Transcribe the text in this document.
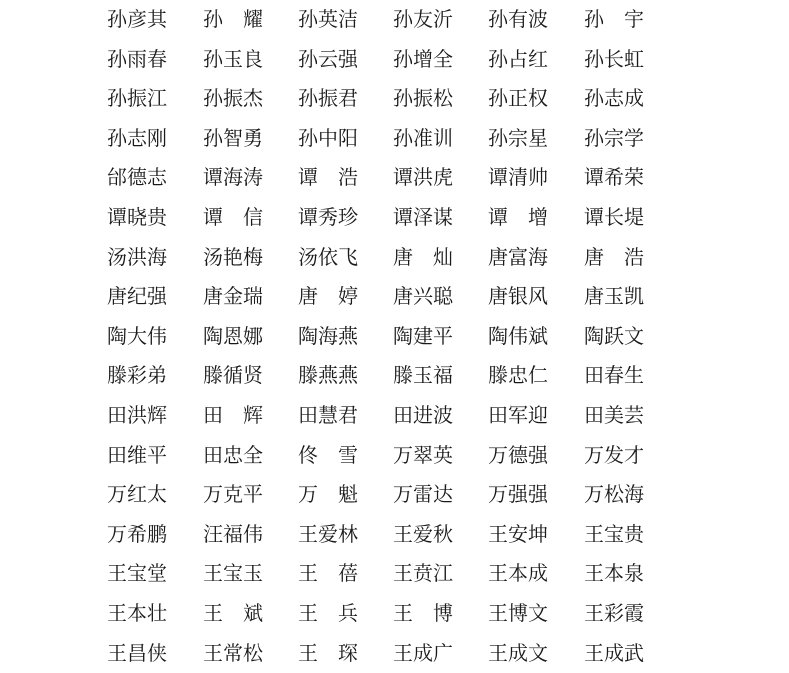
孙彦其 孙　耀 孙英洁 孙友沂 孙有波 孙　宇
孙雨春 孙玉良 孙云强 孙增全 孙占红 孙长虹
孙振江 孙振杰 孙振君 孙振松 孙正权 孙志成
孙志刚 孙智勇 孙中阳 孙准训 孙宗星 孙宗学
邰德志 谭海涛 谭　浩 谭洪虎 谭清帅 谭希荣
谭晓贵 谭　信 谭秀珍 谭泽谋 谭　增 谭长堤
汤洪海 汤艳梅 汤依飞 唐　灿 唐富海 唐　浩
唐纪强 唐金瑞 唐　婷 唐兴聪 唐银风 唐玉凯
陶大伟 陶恩娜 陶海燕 陶建平 陶伟斌 陶跃文
滕彩弟 滕循贤 滕燕燕 滕玉福 滕忠仁 田春生
田洪辉 田　辉 田慧君 田进波 田军迎 田美芸
田维平 田忠全 佟　雪 万翠英 万德强 万发才
万红太 万克平 万　魁 万雷达 万强强 万松海
万希鹏 汪福伟 王爱林 王爱秋 王安坤 王宝贵
王宝堂 王宝玉 王　蓓 王贲江 王本成 王本泉
王本壮 王　斌 王　兵 王　博 王博文 王彩霞
王昌侠 王常松 王　琛 王成广 王成文 王成武
